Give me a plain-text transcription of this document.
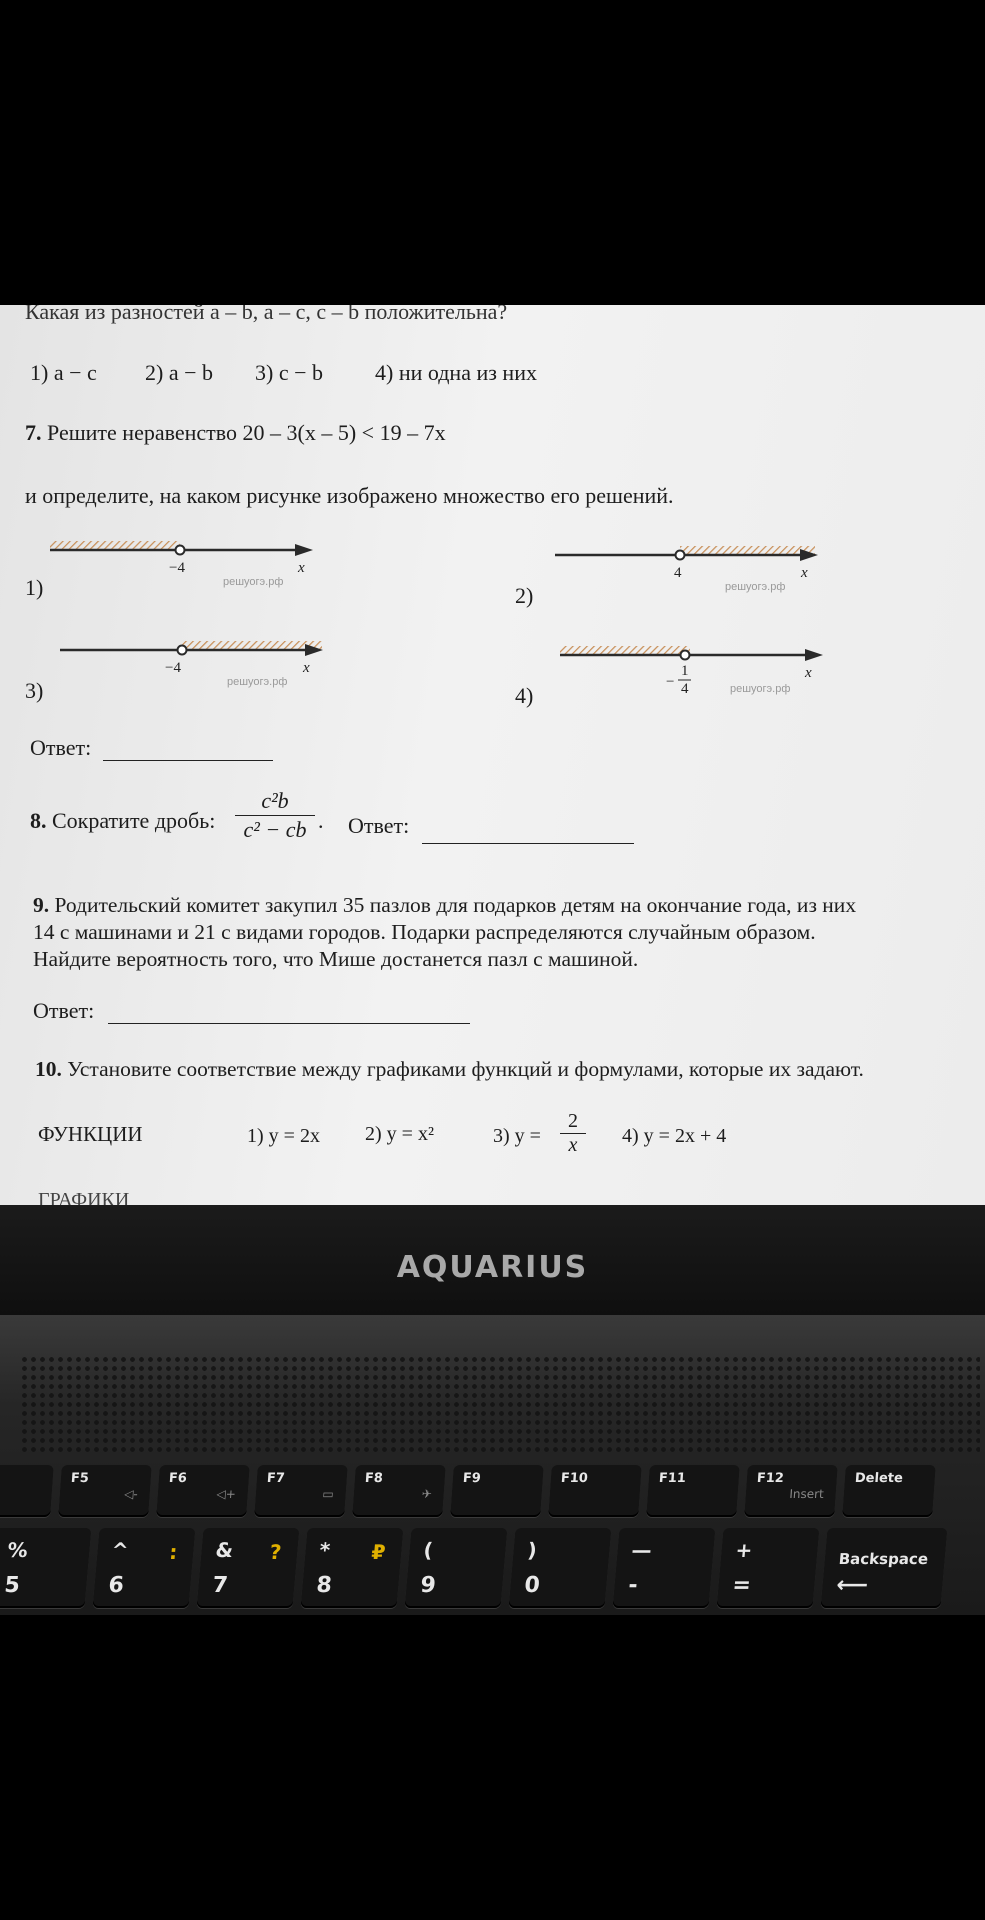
Какая из разностей a – b, a – c, c – b положительна?
1) a − c 2) a − b 3) c − b 4) ни одна из них
7. Решите неравенство 20 – 3(x – 5) < 19 – 7x
и определите, на каком рисунке изображено множество его решений.
1)
−4	x
решуогэ.рф
2)
4	x
решуогэ.рф
3)
−4	x
решуогэ.рф
4)
−
1
4
x
решуогэ.рф
Ответ:
8. Сократите дробь:
c²b
c² − cb . Ответ:
9. Родительский комитет закупил 35 пазлов для подарков детям на окончание года, из них
14 с машинами и 21 с видами городов. Подарки распределяются случайным образом.
Найдите вероятность того, что Мише достанется пазл с машиной.
Ответ:
10. Установите соответствие между графиками функций и формулами, которые их задают.
ФУНКЦИИ	1) y = 2x 2) y = x²	3) y =
2
x	4) y = 2x + 4
ГРАФИКИ
AQUARIUS
F5
◁-
F6
◁+
F7
▭
F8
✈
F9	F10	F11	F12
Insert
Delete
%
5
^ :
6
& ?
7
* ₽
8
(
9
)
0
—
-
+
=
Backspace
⟵
